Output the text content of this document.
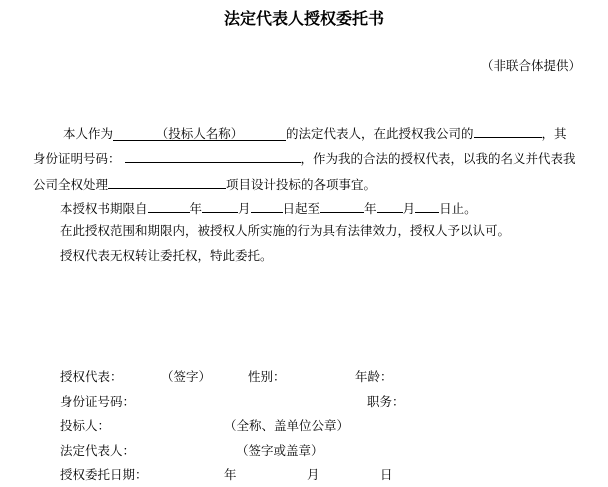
法定代表人授权委托书
（非联合体提供）
本人作为	（投标人名称）	的法定代表人，在此授权我公司的	，其
身份证明号码：	，作为我的合法的授权代表，以我的名义并代表我
公司全权处理	项目设计投标的各项事宜。
本授权书期限自	年	月	日起至	年 月 日止。
在此授权范围和期限内，被授权人所实施的行为具有法律效力，授权人予以认可。
授权代表无权转让委托权，特此委托。
授权代表：	（签字）	性别：	年龄：
身份证号码：	职务：
投标人：	（全称、盖单位公章）
法定代表人：	（签字或盖章）
授权委托日期：	年	月	日
